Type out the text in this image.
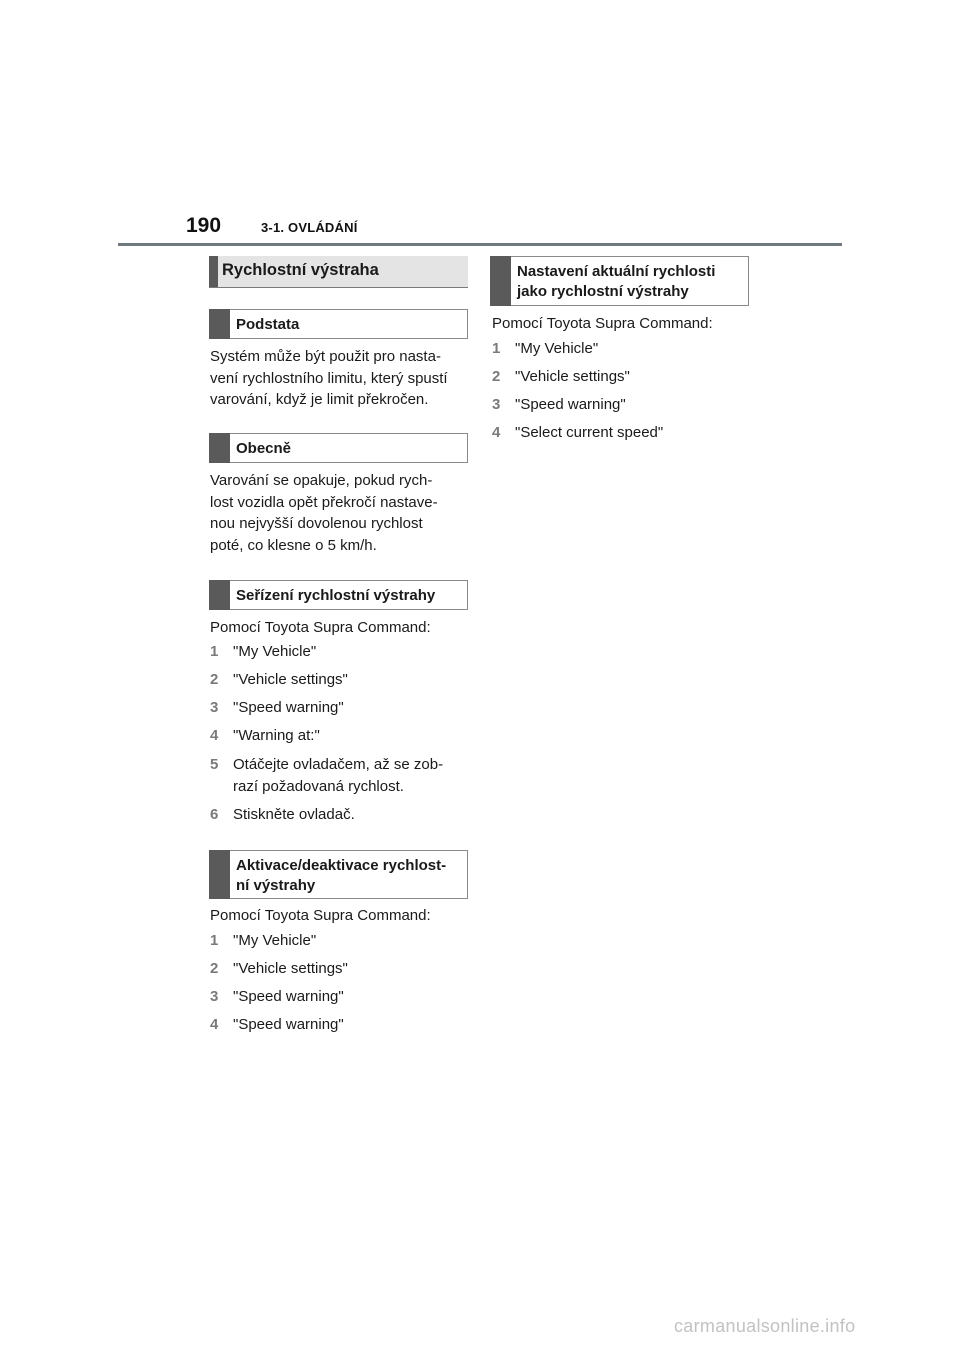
190	3-1. OVLÁDÁNÍ
Rychlostní výstraha
Podstata
Systém může být použit pro nasta-
vení rychlostního limitu, který spustí
varování, když je limit překročen.
Obecně
Varování se opakuje, pokud rych-
lost vozidla opět překročí nastave-
nou nejvyšší dovolenou rychlost
poté, co klesne o 5 km/h.
Seřízení rychlostní výstrahy
Pomocí Toyota Supra Command:
1 "My Vehicle"
2 "Vehicle settings"
3 "Speed warning"
4 "Warning at:"
5 Otáčejte ovladačem, až se zob-
razí požadovaná rychlost.
6 Stiskněte ovladač.
Aktivace/deaktivace rychlost-
ní výstrahy
Pomocí Toyota Supra Command:
1 "My Vehicle"
2 "Vehicle settings"
3 "Speed warning"
4 "Speed warning"
Nastavení aktuální rychlosti
jako rychlostní výstrahy
Pomocí Toyota Supra Command:
1 "My Vehicle"
2 "Vehicle settings"
3 "Speed warning"
4 "Select current speed"
carmanualsonline.info
